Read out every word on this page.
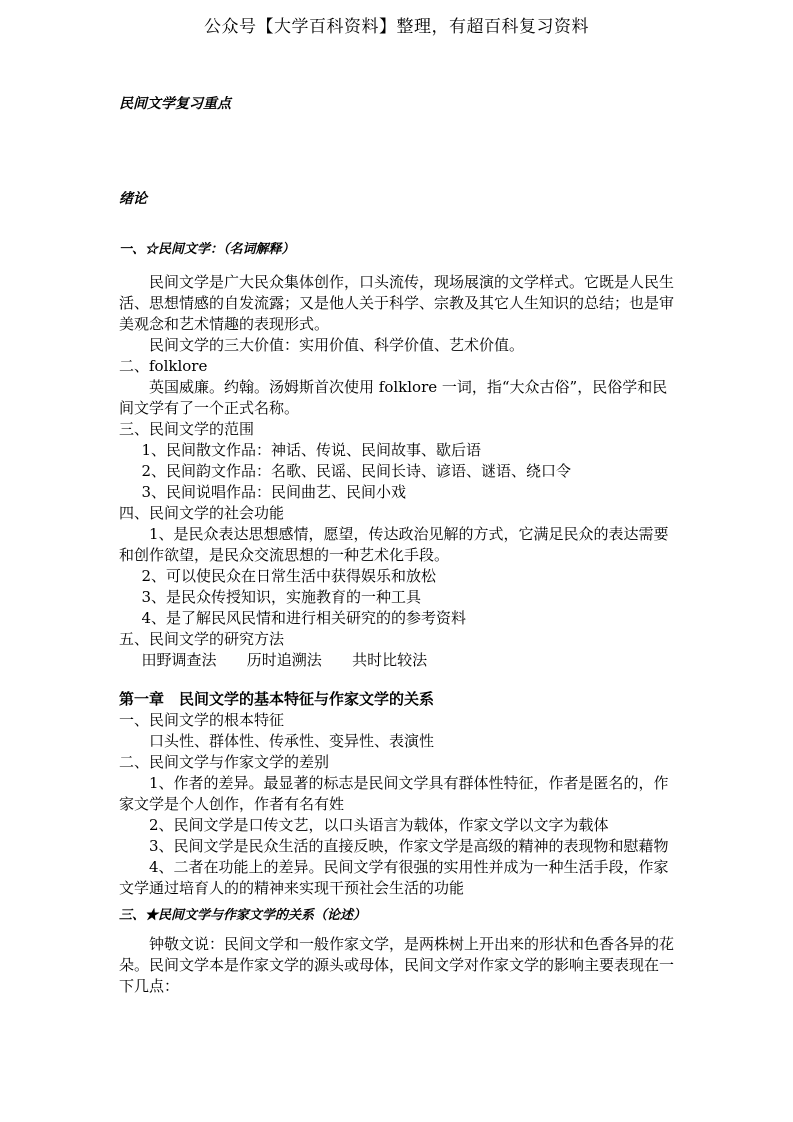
公众号【大学百科资料】整理，有超百科复习资料
民间文学复习重点
绪论
一、☆民间文学：（名词解释）

民间文学是广大民众集体创作，口头流传，现场展演的文学样式。它既是人民生活、思想情感的自发流露；又是他人关于科学、宗教及其它人生知识的总结；也是审美观念和艺术情趣的表现形式。

民间文学的三大价值：实用价值、科学价值、艺术价值。

二、folklore

英国威廉。约翰。汤姆斯首次使用 folklore 一词，指“大众古俗”，民俗学和民间文学有了一个正式名称。

三、民间文学的范围
1、民间散文作品：神话、传说、民间故事、歇后语
2、民间韵文作品：名歌、民谣、民间长诗、谚语、谜语、绕口令
3、民间说唱作品：民间曲艺、民间小戏
四、民间文学的社会功能

1、是民众表达思想感情，愿望，传达政治见解的方式，它满足民众的表达需要和创作欲望，是民众交流思想的一种艺术化手段。

2、可以使民众在日常生活中获得娱乐和放松
3、是民众传授知识，实施教育的一种工具
4、是了解民风民情和进行相关研究的的参考资料
五、民间文学的研究方法
田野调查法 历时追溯法 共时比较法
第一章　民间文学的基本特征与作家文学的关系
一、民间文学的根本特征
口头性、群体性、传承性、变异性、表演性
二、民间文学与作家文学的差别

1、作者的差异。最显著的标志是民间文学具有群体性特征，作者是匿名的，作家文学是个人创作，作者有名有姓

2、民间文学是口传文艺，以口头语言为载体，作家文学以文字为载体

3、民间文学是民众生活的直接反映，作家文学是高级的精神的表现物和慰藉物

4、二者在功能上的差异。民间文学有很强的实用性并成为一种生活手段，作家文学通过培育人的的精神来实现干预社会生活的功能

三、★民间文学与作家文学的关系（论述）

钟敬文说：民间文学和一般作家文学，是两株树上开出来的形状和色香各异的花朵。民间文学本是作家文学的源头或母体，民间文学对作家文学的影响主要表现在一下几点：
